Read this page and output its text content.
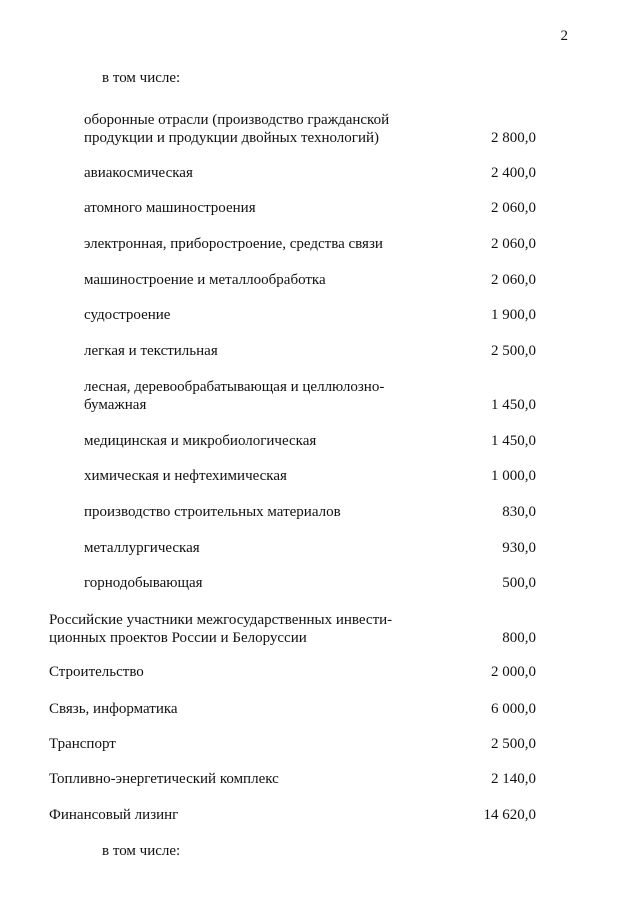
2
в том числе:
оборонные отрасли (производство гражданской
продукции и продукции двойных технологий)	2 800,0
авиакосмическая	2 400,0
атомного машиностроения	2 060,0
электронная, приборостроение, средства связи	2 060,0
машиностроение и металлообработка	2 060,0
судостроение	1 900,0
легкая и текстильная	2 500,0
лесная, деревообрабатывающая и целлюлозно-
бумажная	1 450,0
медицинская и микробиологическая	1 450,0
химическая и нефтехимическая	1 000,0
производство строительных материалов	830,0
металлургическая	930,0
горнодобывающая	500,0
Российские участники межгосударственных инвести-
ционных проектов России и Белоруссии	800,0
Строительство	2 000,0
Связь, информатика	6 000,0
Транспорт	2 500,0
Топливно-энергетический комплекс	2 140,0
Финансовый лизинг	14 620,0
в том числе:
